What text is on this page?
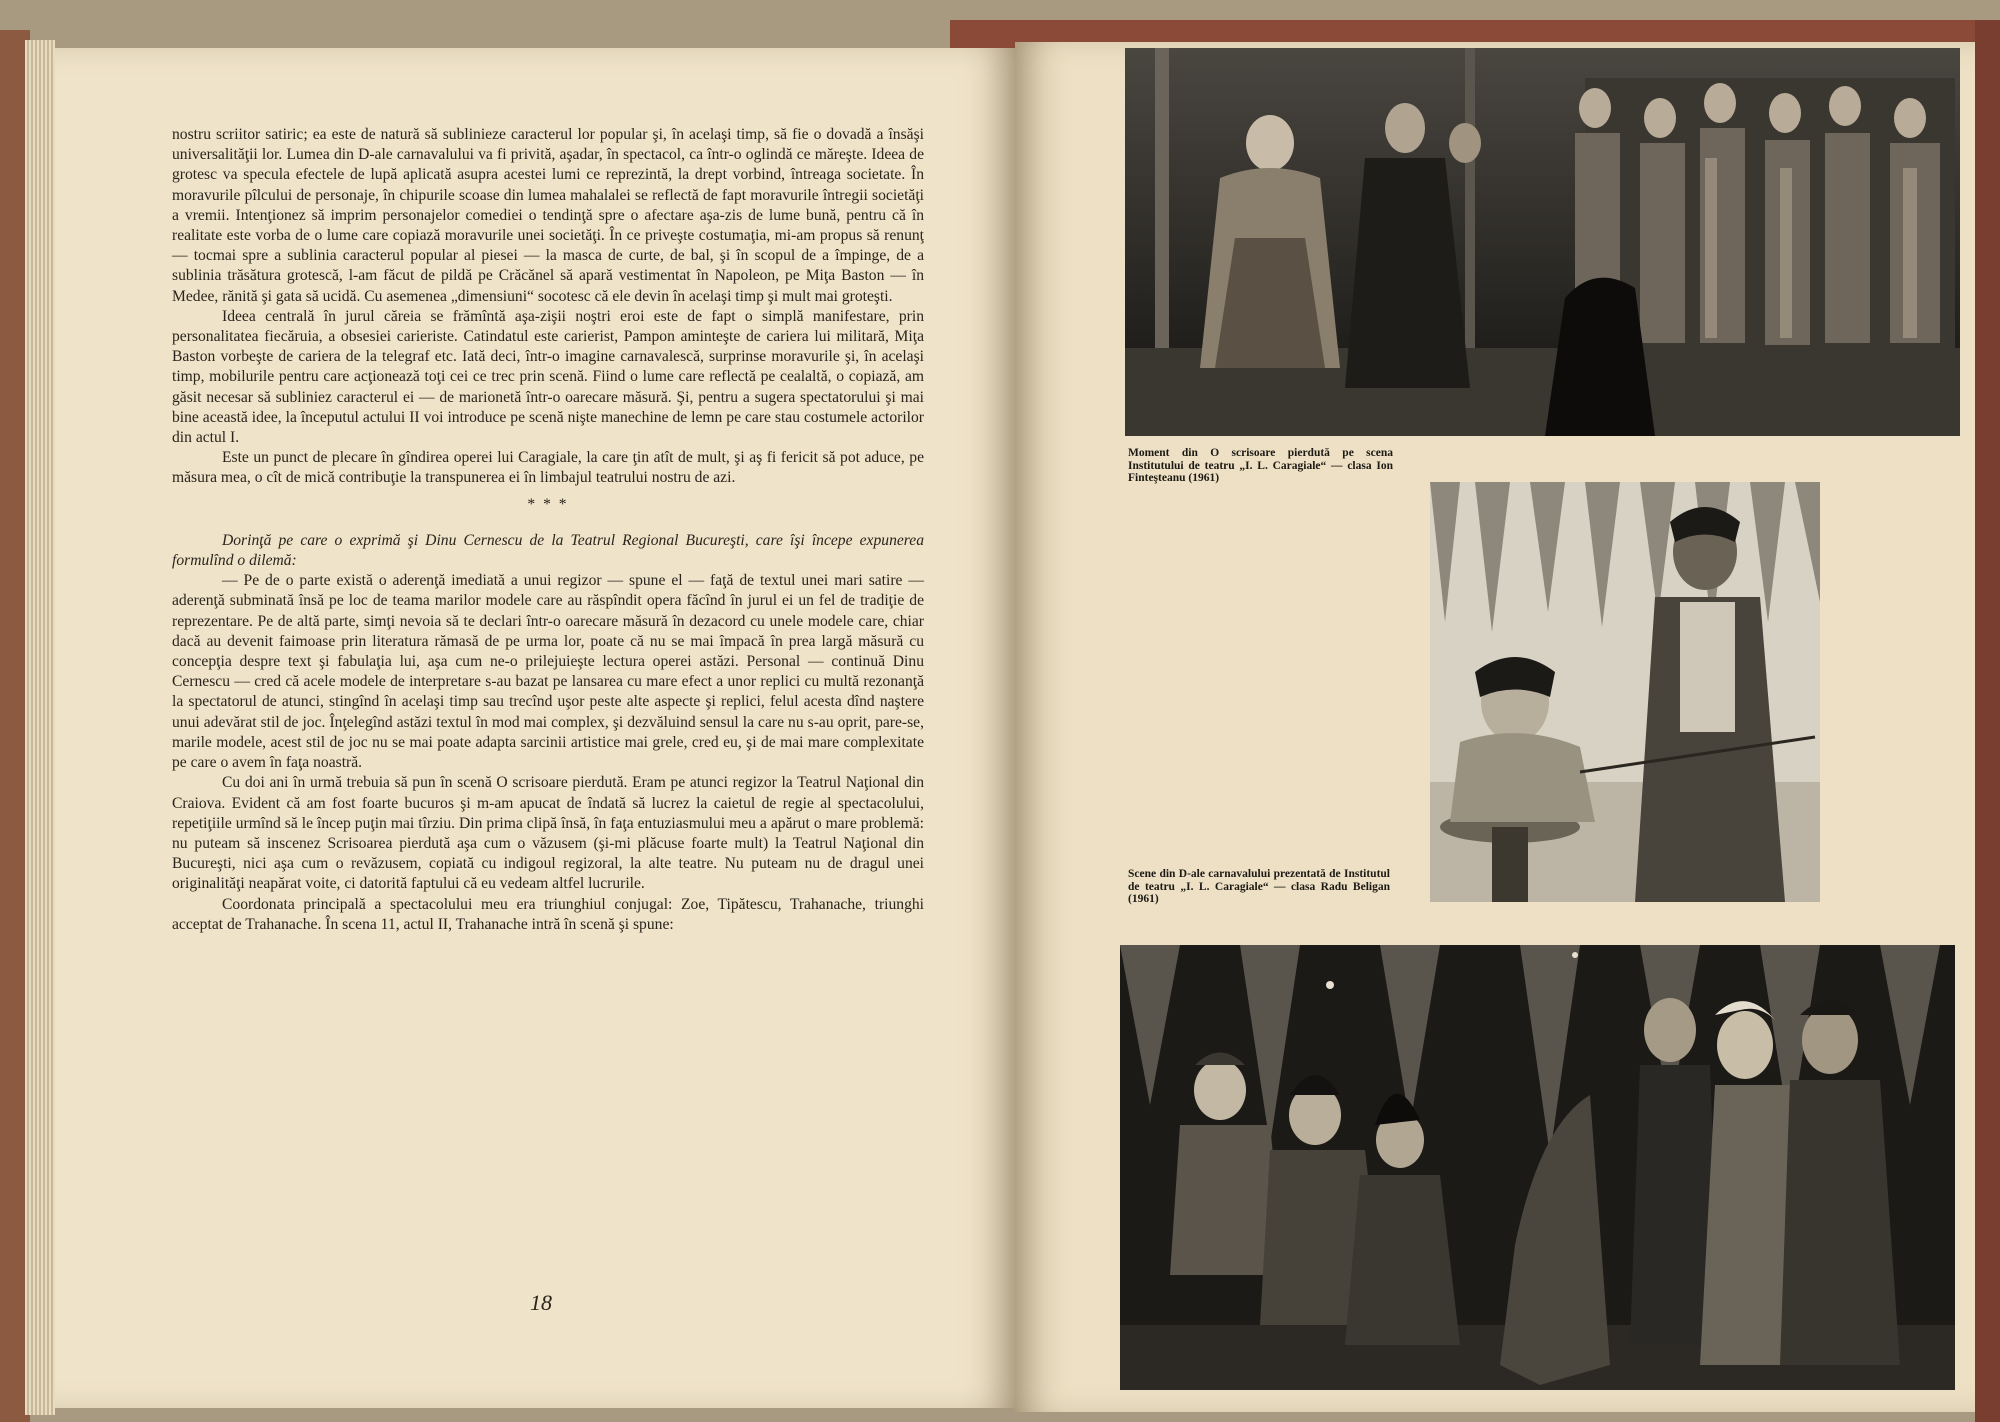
nostru scriitor satiric; ea este de natură să sublinieze caracterul lor popular şi, în acelaşi timp, să fie o dovadă a însăşi universalităţii lor. Lumea din D-ale carnavalului va fi privită, aşadar, în spectacol, ca într-o oglindă ce măreşte. Ideea de grotesc va specula efectele de lupă aplicată asupra acestei lumi ce reprezintă, la drept vorbind, întreaga societate. În moravurile pîlcului de personaje, în chipurile scoase din lumea mahalalei se reflectă de fapt moravurile întregii societăţi a vremii. Intenţionez să imprim personajelor comediei o tendinţă spre o afectare aşa-zis de lume bună, pentru că în realitate este vorba de o lume care copiază moravurile unei societăţi. În ce priveşte costumaţia, mi-am propus să renunţ — tocmai spre a sublinia caracterul popular al piesei — la masca de curte, de bal, şi în scopul de a împinge, de a sublinia trăsătura grotescă, l-am făcut de pildă pe Crăcănel să apară vestimentat în Napoleon, pe Miţa Baston — în Medee, rănită şi gata să ucidă. Cu asemenea „dimensiuni“ socotesc că ele devin în acelaşi timp şi mult mai groteşti.

Ideea centrală în jurul căreia se frămîntă aşa-zişii noştri eroi este de fapt o simplă manifestare, prin personalitatea fiecăruia, a obsesiei carieriste. Catindatul este carierist, Pampon aminteşte de cariera lui militară, Miţa Baston vorbeşte de cariera de la telegraf etc. Iată deci, într-o imagine carnavalescă, surprinse moravurile şi, în acelaşi timp, mobilurile pentru care acţionează toţi cei ce trec prin scenă. Fiind o lume care reflectă pe cealaltă, o copiază, am găsit necesar să subliniez caracterul ei — de marionetă într-o oarecare măsură. Şi, pentru a sugera spectatorului şi mai bine această idee, la începutul actului II voi introduce pe scenă nişte manechine de lemn pe care stau costumele actorilor din actul I.

Este un punct de plecare în gîndirea operei lui Caragiale, la care ţin atît de mult, şi aş fi fericit să pot aduce, pe măsura mea, o cît de mică contribuţie la transpunerea ei în limbajul teatrului nostru de azi.

* * *

Dorinţă pe care o exprimă şi Dinu Cernescu de la Teatrul Regional Bucureşti, care îşi începe expunerea formulînd o dilemă:

— Pe de o parte există o aderenţă imediată a unui regizor — spune el — faţă de textul unei mari satire — aderenţă subminată însă pe loc de teama marilor modele care au răspîndit opera făcînd în jurul ei un fel de tradiţie de reprezentare. Pe de altă parte, simţi nevoia să te declari într-o oarecare măsură în dezacord cu unele modele care, chiar dacă au devenit faimoase prin literatura rămasă de pe urma lor, poate că nu se mai împacă în prea largă măsură cu concepţia despre text şi fabulaţia lui, aşa cum ne-o prilejuieşte lectura operei astăzi. Personal — continuă Dinu Cernescu — cred că acele modele de interpretare s-au bazat pe lansarea cu mare efect a unor replici cu multă rezonanţă la spectatorul de atunci, stingînd în acelaşi timp sau trecînd uşor peste alte aspecte şi replici, felul acesta dînd naştere unui adevărat stil de joc. Înţelegînd astăzi textul în mod mai complex, şi dezvăluind sensul la care nu s-au oprit, pare-se, marile modele, acest stil de joc nu se mai poate adapta sarcinii artistice mai grele, cred eu, şi de mai mare complexitate pe care o avem în faţa noastră.

Cu doi ani în urmă trebuia să pun în scenă O scrisoare pierdută. Eram pe atunci regizor la Teatrul Naţional din Craiova. Evident că am fost foarte bucuros şi m-am apucat de îndată să lucrez la caietul de regie al spectacolului, repetiţiile urmînd să le încep puţin mai tîrziu. Din prima clipă însă, în faţa entuziasmului meu a apărut o mare problemă: nu puteam să inscenez Scrisoarea pierdută aşa cum o văzusem (şi-mi plăcuse foarte mult) la Teatrul Naţional din Bucureşti, nici aşa cum o revăzusem, copiată cu indigoul regizoral, la alte teatre. Nu puteam nu de dragul unei originalităţi neapărat voite, ci datorită faptului că eu vedeam altfel lucrurile.

Coordonata principală a spectacolului meu era triunghiul conjugal: Zoe, Tipătescu, Trahanache, triunghi acceptat de Trahanache. În scena 11, actul II, Trahanache intră în scenă şi spune:

18
Moment din O scrisoare pierdută pe scena Institutului de teatru „I. L. Caragiale“ — clasa Ion Finteşteanu (1961)
Scene din D-ale carnavalului prezentată de Institutul de teatru „I. L. Caragiale“ — clasa Radu Beligan (1961)
